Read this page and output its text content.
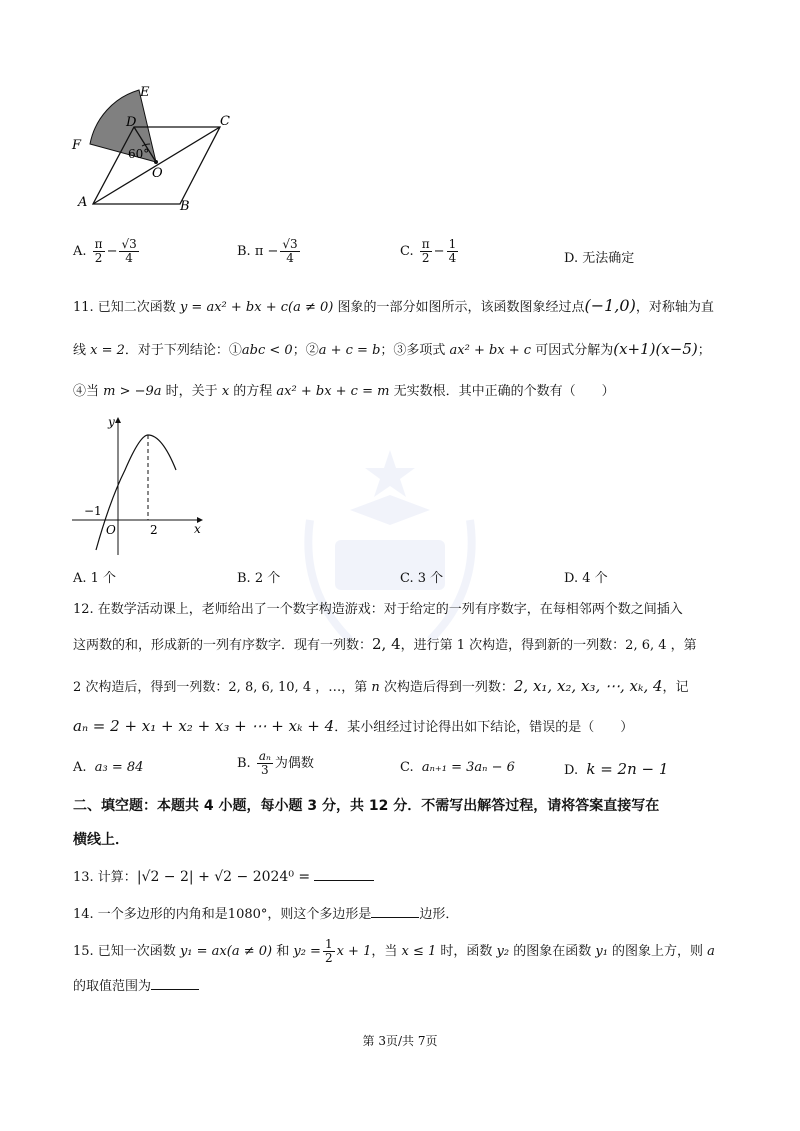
E
D	C
F
60°
O
A	B
A. $\frac{\pi}{2} - \frac{√3}{4}$	B. $\pi - \frac{√3}{4}$	C. $\frac{\pi}{2} - \frac{1}{4}$	D. 无法确定
11. 已知二次函数 y = ax² + bx + c(a ≠ 0) 图象的一部分如图所示，该函数图象经过点(−1,0)，对称轴为直
线 x = 2．对于下列结论：①abc < 0；②a + c = b；③多项式 ax² + bx + c 可因式分解为(x+1)(x−5)；
④当 m > −9a 时，关于 x 的方程 ax² + bx + c = m 无实数根．其中正确的个数有（　　）
y
x
−1
O	2
A. 1 个	B. 2 个	C. 3 个	D. 4 个
12. 在数学活动课上，老师给出了一个数字构造游戏：对于给定的一列有序数字，在每相邻两个数之间插入
这两数的和，形成新的一列有序数字．现有一列数：2, 4，进行第 1 次构造，得到新的一列数：2, 6, 4 ，第
2 次构造后，得到一列数：2, 8, 6, 10, 4 ，…，第 n 次构造后得到一列数：2, x₁, x₂, x₃, ⋯, xₖ, 4，记
aₙ = 2 + x₁ + x₂ + x₃ + ⋯ + xₖ + 4．某小组经过讨论得出如下结论，错误的是（　　）
A. a₃ = 84	B. $\frac{\text{aₙ}}{3}$ 为偶数	C. aₙ₊₁ = 3aₙ − 6	D. k = 2n − 1
二、填空题：本题共 4 小题，每小题 3 分，共 12 分．不需写出解答过程，请将答案直接写在
横线上．
13. 计算：|√2 − 2| + √2 − 2024⁰ =
14. 一个多边形的内角和是1080°，则这个多边形是	边形．
15. 已知一次函数 y₁ = ax(a ≠ 0) 和 $y_2 = \frac{1}{2}$ x + 1，当 x ≤ 1 时，函数 y₂ 的图象在函数 y₁ 的图象上方，则 a
的取值范围为
第 3页/共 7页
